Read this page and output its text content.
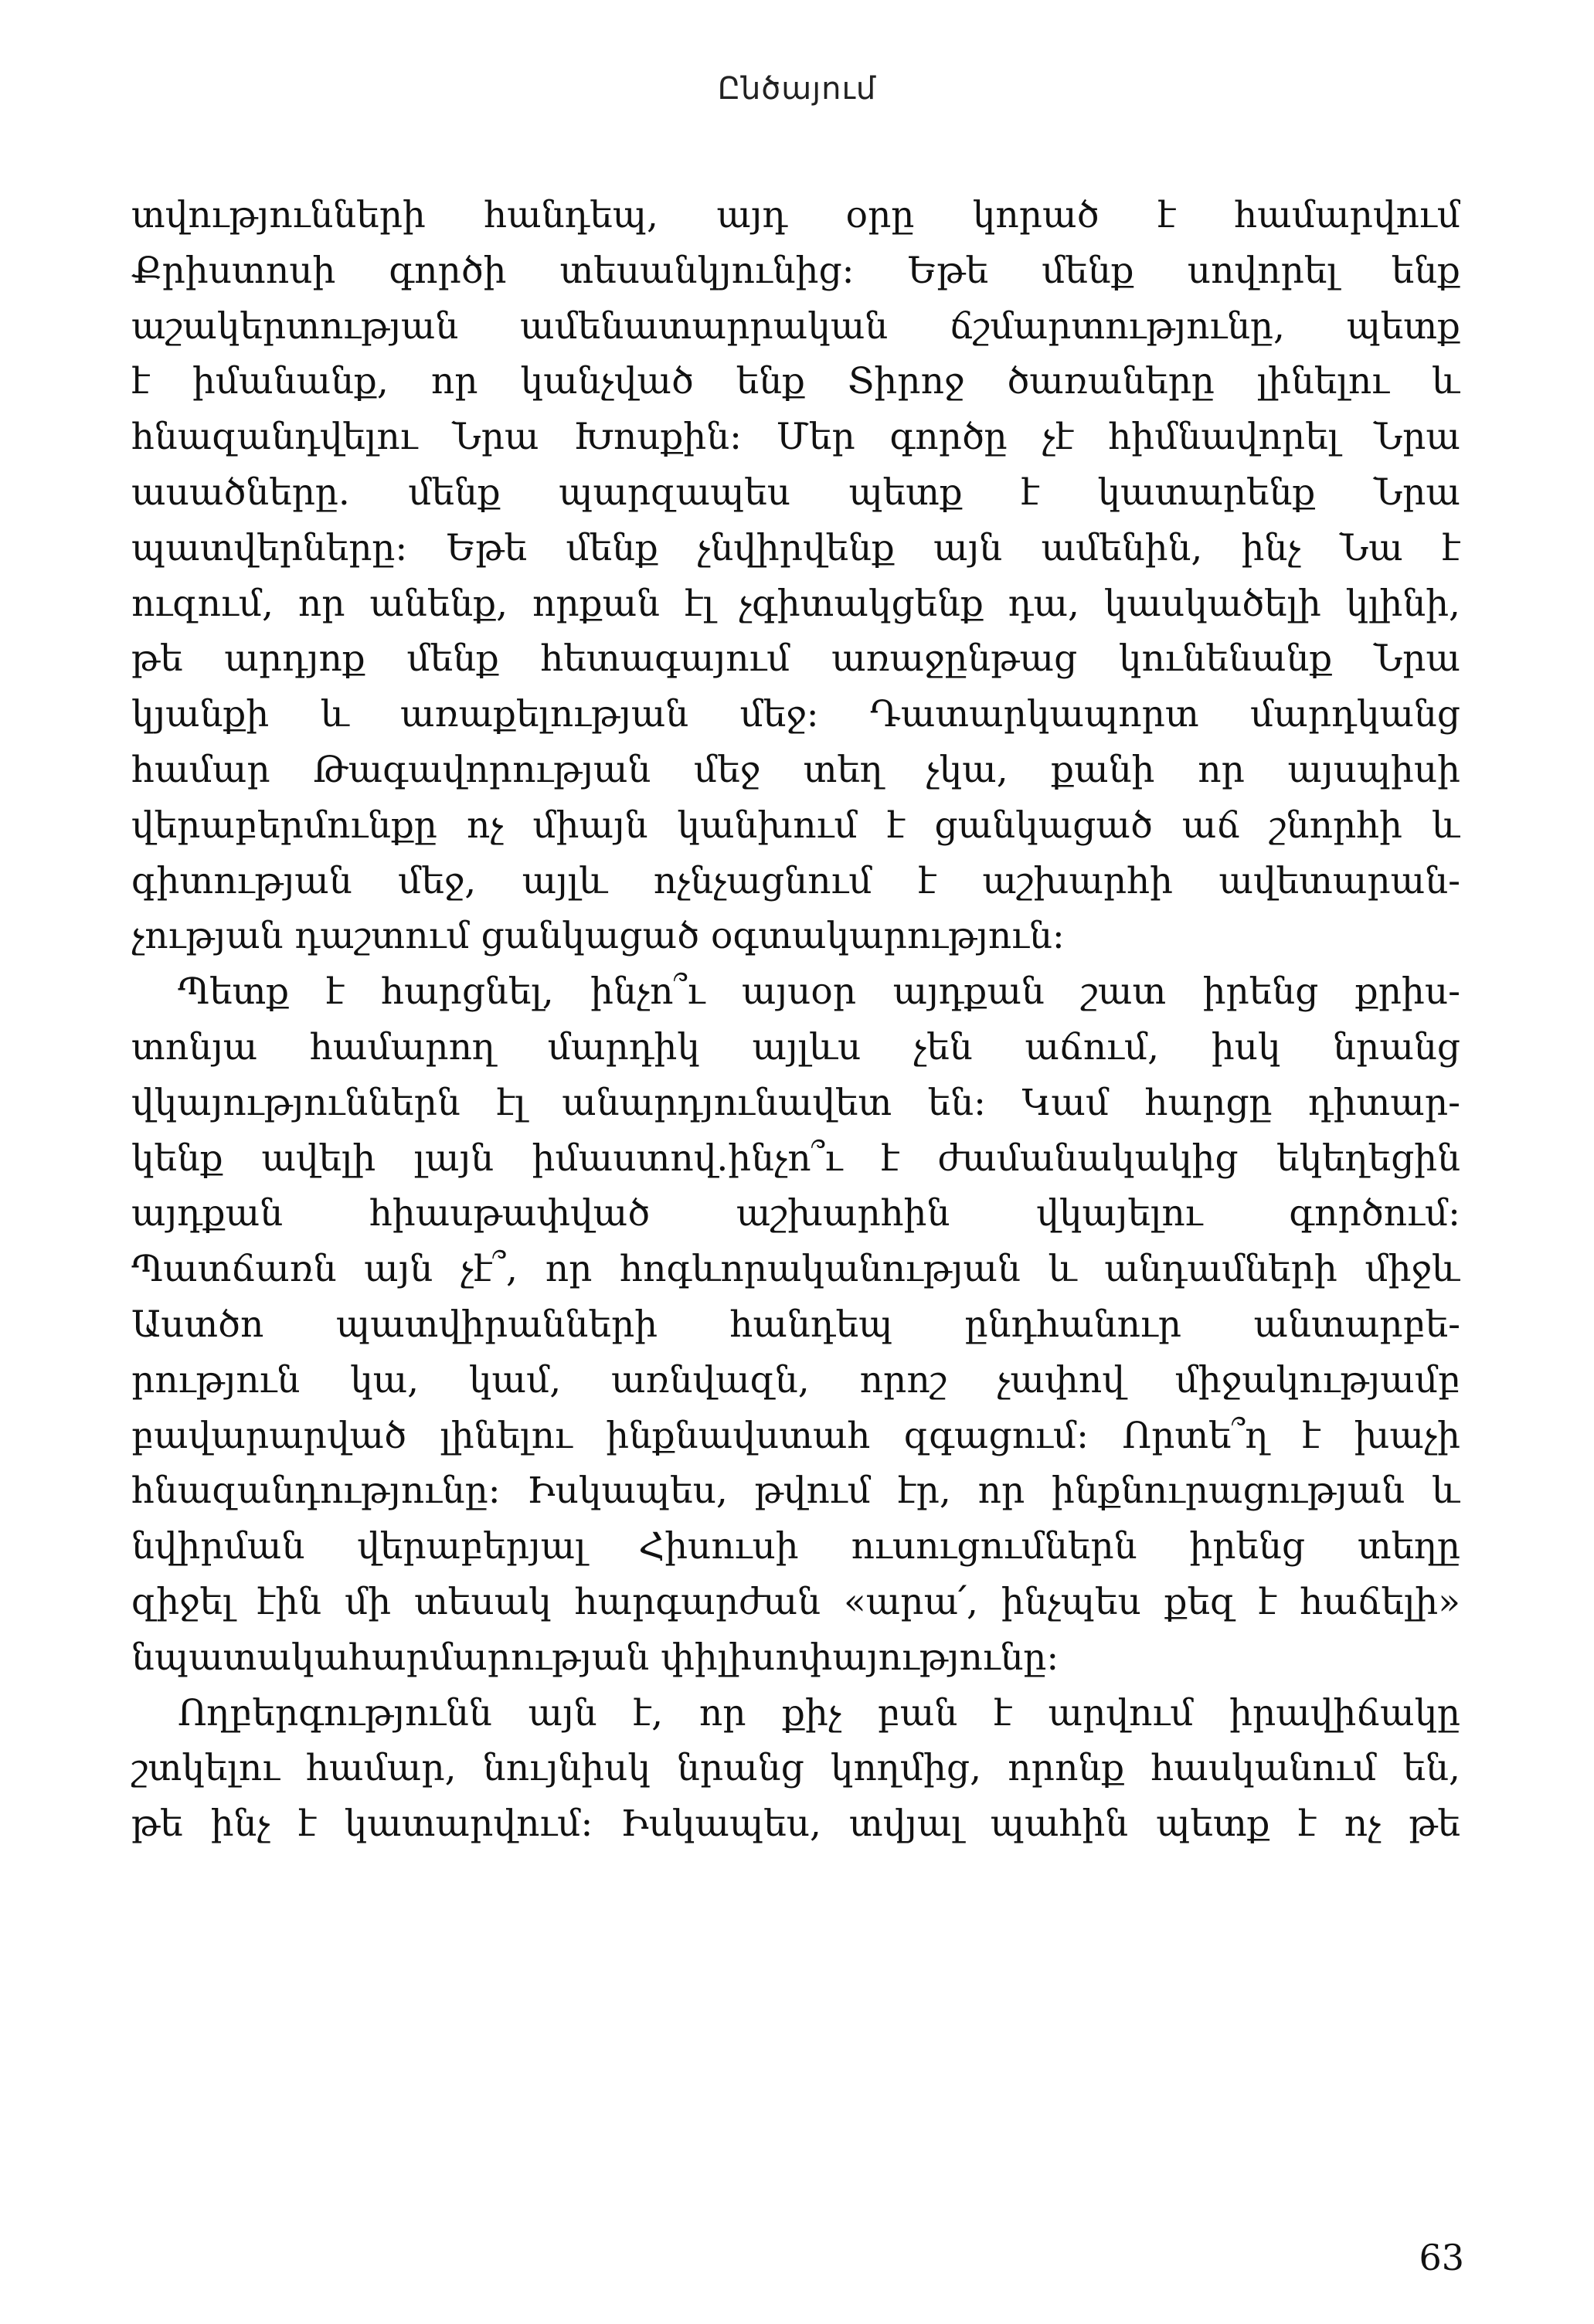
Ընծայում
տվությունների հանդեպ, այդ օրը կորած է համարվում
Քրիստոսի գործի տեսանկյունից: Եթե մենք սովորել ենք
աշակերտության ամենատարրական ճշմարտությունը, պետք
է իմանանք, որ կանչված ենք Տիրոջ ծառաները լինելու և
հնազանդվելու Նրա Խոսքին: Մեր գործը չէ հիմնավորել Նրա
ասածները. մենք պարզապես պետք է կատարենք Նրա
պատվերները: Եթե մենք չնվիրվենք այն ամենին, ինչ Նա է
ուզում, որ անենք, որքան էլ չգիտակցենք դա, կասկածելի կլինի,
թե արդյոք մենք հետագայում առաջընթաց կունենանք Նրա
կյանքի և առաքելության մեջ: Դատարկապորտ մարդկանց
համար Թագավորության մեջ տեղ չկա, քանի որ այսպիսի
վերաբերմունքը ոչ միայն կանխում է ցանկացած աճ շնորհի և
գիտության մեջ, այլև ոչնչացնում է աշխարհի ավետարան-
չության դաշտում ցանկացած օգտակարություն:
Պետք է հարցնել, ինչո՞ւ այսօր այդքան շատ իրենց քրիս-
տոնյա համարող մարդիկ այլևս չեն աճում, իսկ նրանց
վկայություններն էլ անարդյունավետ են: Կամ հարցը դիտար-
կենք ավելի լայն իմաստով.ինչո՞ւ է ժամանակակից եկեղեցին
այդքան հիասթափված աշխարհին վկայելու գործում:
Պատճառն այն չէ՞, որ հոգևորականության և անդամների միջև
Աստծո պատվիրանների հանդեպ ընդհանուր անտարբե-
րություն կա, կամ, առնվազն, որոշ չափով միջակությամբ
բավարարված լինելու ինքնավստահ զգացում: Որտե՞ղ է խաչի
հնազանդությունը: Իսկապես, թվում էր, որ ինքնուրացության և
նվիրման վերաբերյալ Հիսուսի ուսուցումներն իրենց տեղը
զիջել էին մի տեսակ հարգարժան «արա՛, ինչպես քեզ է հաճելի»
նպատակահարմարության փիլիսոփայությունը:
Ողբերգությունն այն է, որ քիչ բան է արվում իրավիճակը
շտկելու համար, նույնիսկ նրանց կողմից, որոնք հասկանում են,
թե ինչ է կատարվում: Իսկապես, տվյալ պահին պետք է ոչ թե
63
